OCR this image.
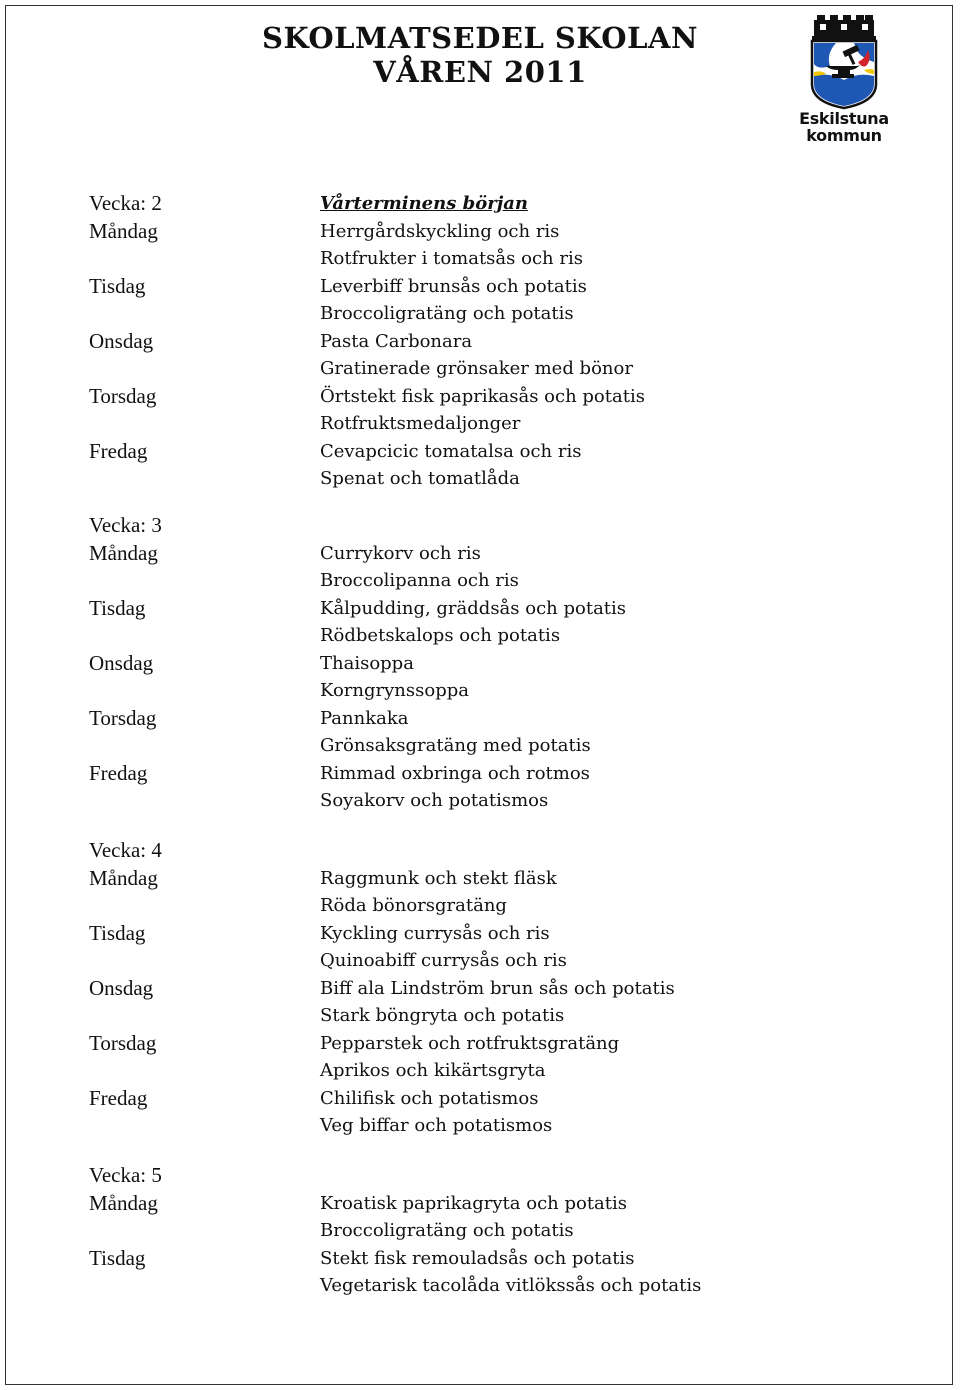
SKOLMATSEDEL SKOLAN
VÅREN 2011
Eskilstuna
kommun
Vecka: 2	Vårterminens början
Måndag	Herrgårdskyckling och ris
Rotfrukter i tomatsås och ris
Tisdag	Leverbiff brunsås och potatis
Broccoligratäng och potatis
Onsdag	Pasta Carbonara
Gratinerade grönsaker med bönor
Torsdag	Örtstekt fisk paprikasås och potatis
Rotfruktsmedaljonger
Fredag	Cevapcicic tomatalsa och ris
Spenat och tomatlåda
Vecka: 3
Måndag	Currykorv och ris
Broccolipanna och ris
Tisdag	Kålpudding, gräddsås och potatis
Rödbetskalops och potatis
Onsdag	Thaisoppa
Korngrynssoppa
Torsdag	Pannkaka
Grönsaksgratäng med potatis
Fredag	Rimmad oxbringa och rotmos
Soyakorv och potatismos
Vecka: 4
Måndag	Raggmunk och stekt fläsk
Röda bönorsgratäng
Tisdag	Kyckling currysås och ris
Quinoabiff currysås och ris
Onsdag	Biff ala Lindström brun sås och potatis
Stark böngryta och potatis
Torsdag	Pepparstek och rotfruktsgratäng
Aprikos och kikärtsgryta
Fredag	Chilifisk och potatismos
Veg biffar och potatismos
Vecka: 5
Måndag	Kroatisk paprikagryta och potatis
Broccoligratäng och potatis
Tisdag	Stekt fisk remouladsås och potatis
Vegetarisk tacolåda vitlökssås och potatis
